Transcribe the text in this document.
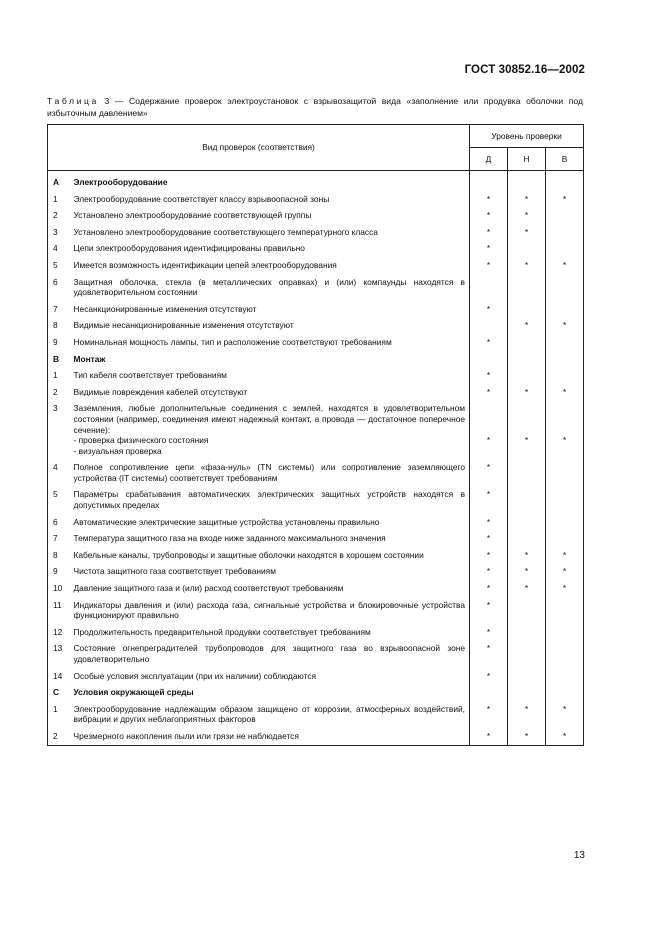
ГОСТ 30852.16—2002
Таблица 3 — Содержание проверок электроустановок с взрывозащитой вида «заполнение или продувка оболочки под избыточным давлением»
Вид проверок (соответствия)		Уровень проверки		
		Д	Н	В
А	Электрооборудование			
1	Электрооборудование соответствует классу взрывоопасной зоны	*	*	*
2	Установлено электрооборудование соответствующей группы	*	*	
3	Установлено электрооборудование соответствующего температурного класса	*	*	
4	Цепи электрооборудования идентифицированы правильно	*		
5	Имеется возможность идентификации цепей электрооборудования	*	*	*
6	Защитная оболочка, стекла (в металлических оправках) и (или) компаунды находятся в удовлетворительном состоянии			
7	Несанкционированные изменения отсутствуют	*		
8	Видимые несанкционированные изменения отсутствуют		*	*
9	Номинальная мощность лампы, тип и расположение соответствуют требованиям	*		
В	Монтаж			
1	Тип кабеля соответствует требованиям	*		
2	Видимые повреждения кабелей отсутствуют	*	*	*
3	Заземления, любые дополнительные соединения с землей, находятся в удовлетворительном состоянии (например, соединения имеют надежный контакт, а провода — достаточное поперечное сечение):
- проверка физического состояния
- визуальная проверка	*	*	*

4	Полное сопротивление цепи «фаза-нуль» (TN системы) или сопротивление заземляющего устройства (IT системы) соответствует требованиям	*		
5	Параметры срабатывания автоматических электрических защитных устройств находятся в допустимых пределах	*		
6	Автоматические электрические защитные устройства установлены правильно	*		
7	Температура защитного газа на входе ниже заданного максимального значения	*		
8	Кабельные каналы, трубопроводы и защитные оболочки находятся в хорошем состоянии	*	*	*
9	Чистота защитного газа соответствует требованиям	*	*	*
10	Давление защитного газа и (или) расход соответствуют требованиям	*	*	*
11	Индикаторы давления и (или) расхода газа, сигнальные устройства и блокировочные устройства функционируют правильно	*		
12	Продолжительность предварительной продувки соответствует требованиям	*		
13	Состояние огнепреградителей трубопроводов для защитного газа во взрывоопасной зоне удовлетворительно	*		
14	Особые условия эксплуатации (при их наличии) соблюдаются	*		
С	Условия окружающей среды			
1	Электрооборудование надлежащим образом защищено от коррозии, атмосферных воздействий, вибрации и других неблагоприятных факторов	*	*	*
2	Чрезмерного накопления пыли или грязи не наблюдается	*	*	*
13
